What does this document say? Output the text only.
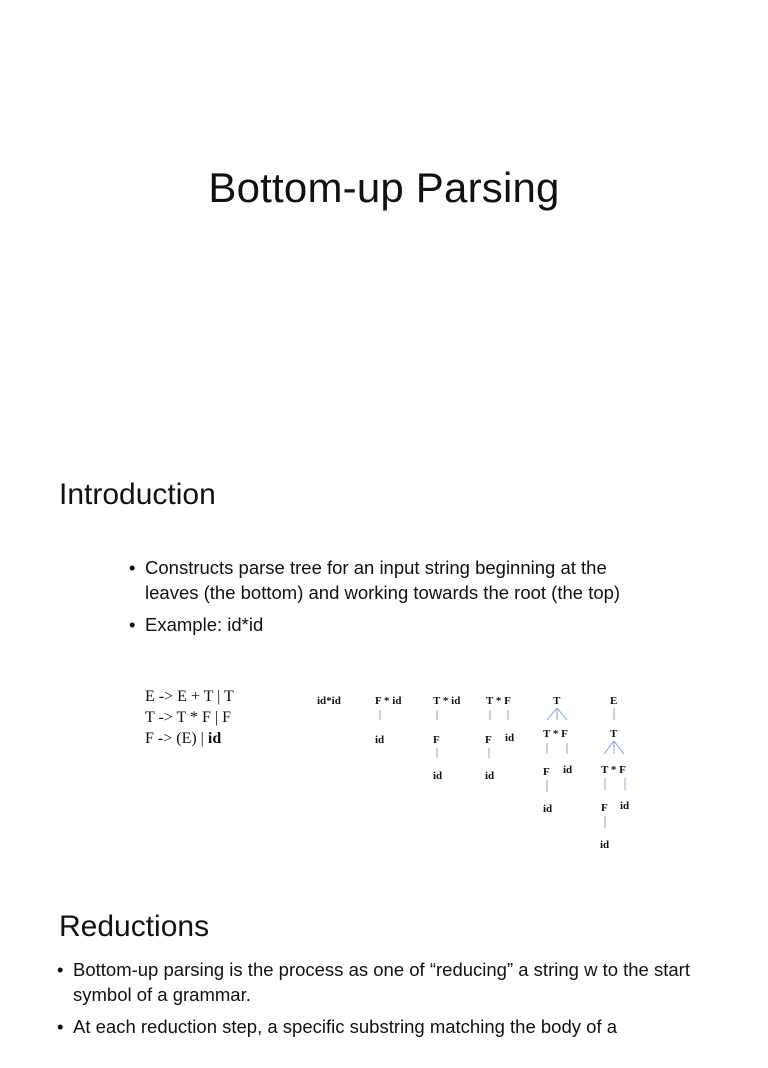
Bottom-up Parsing
Introduction
• Constructs parse tree for an input string beginning at the leaves (the bottom) and working towards the root (the top)
• Example: id*id
E -> E + T | T
T -> T * F | F
F -> (E) | id
id*id	F * id
id
T * id
F
id
T * F
F id
id
T
T * F
F id
id
E
T
T * F
F id
id
Reductions
• Bottom-up parsing is the process as one of “reducing” a string w to the start symbol of a grammar.
• At each reduction step, a specific substring matching the body of a
